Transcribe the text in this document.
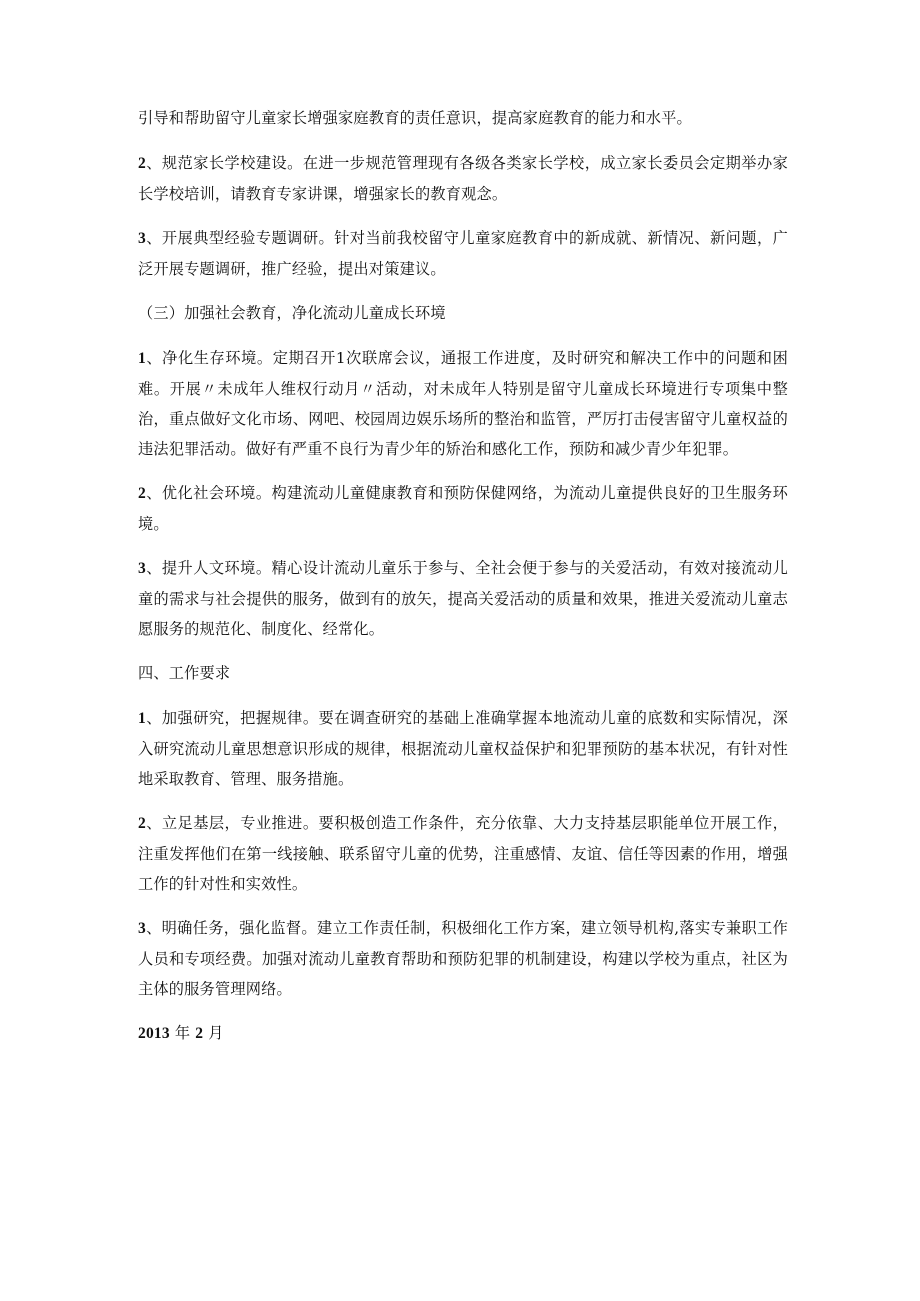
引导和帮助留守儿童家长增强家庭教育的责任意识，提高家庭教育的能力和水平。

2、规范家长学校建设。在进一步规范管理现有各级各类家长学校，成立家长委员会定期举办家长学校培训，请教育专家讲课，增强家长的教育观念。

3、开展典型经验专题调研。针对当前我校留守儿童家庭教育中的新成就、新情况、新问题，广泛开展专题调研，推广经验，提出对策建议。

（三）加强社会教育，净化流动儿童成长环境

1、净化生存环境。定期召开1次联席会议，通报工作进度，及时研究和解决工作中的问题和困难。开展〃未成年人维权行动月〃活动，对未成年人特别是留守儿童成长环境进行专项集中整治，重点做好文化市场、网吧、校园周边娱乐场所的整治和监管，严厉打击侵害留守儿童权益的违法犯罪活动。做好有严重不良行为青少年的矫治和感化工作，预防和减少青少年犯罪。

2、优化社会环境。构建流动儿童健康教育和预防保健网络，为流动儿童提供良好的卫生服务环境。

3、提升人文环境。精心设计流动儿童乐于参与、全社会便于参与的关爱活动，有效对接流动儿童的需求与社会提供的服务，做到有的放矢，提高关爱活动的质量和效果，推进关爱流动儿童志愿服务的规范化、制度化、经常化。

四、工作要求

1、加强研究，把握规律。要在调查研究的基础上准确掌握本地流动儿童的底数和实际情况，深入研究流动儿童思想意识形成的规律，根据流动儿童权益保护和犯罪预防的基本状况，有针对性地采取教育、管理、服务措施。

2、立足基层，专业推进。要积极创造工作条件，充分依靠、大力支持基层职能单位开展工作，注重发挥他们在第一线接触、联系留守儿童的优势，注重感情、友谊、信任等因素的作用，增强工作的针对性和实效性。

3、明确任务，强化监督。建立工作责任制，积极细化工作方案，建立领导机构,落实专兼职工作人员和专项经费。加强对流动儿童教育帮助和预防犯罪的机制建设，构建以学校为重点，社区为主体的服务管理网络。

2013 年 2 月
